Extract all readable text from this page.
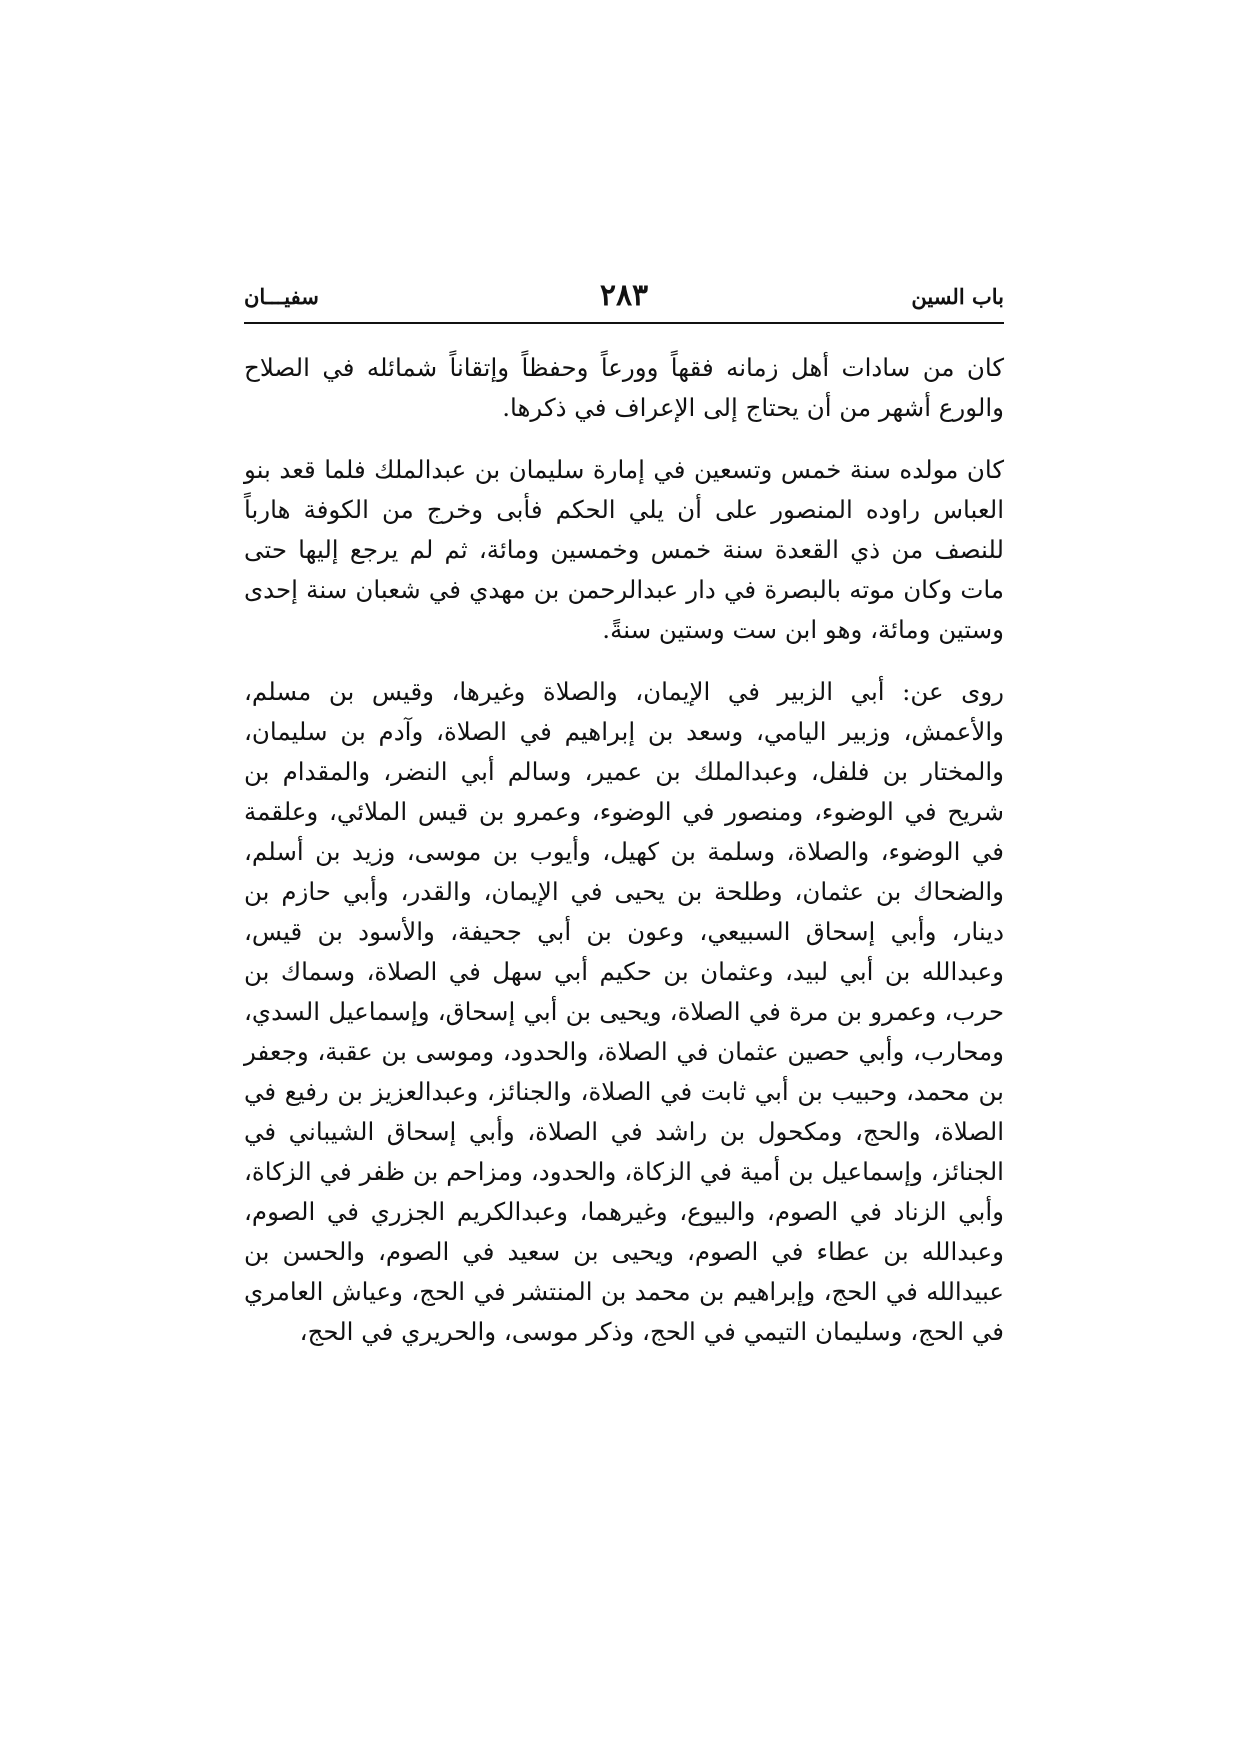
باب السين
٢٨٣
سفيـــان

كان من سادات أهل زمانه فقهاً وورعاً وحفظاً وإتقاناً شمائله في الصلاح والورع أشهر من أن يحتاج إلى الإعراف في ذكرها.

كان مولده سنة خمس وتسعين في إمارة سليمان بن عبدالملك فلما قعد بنو العباس راوده المنصور على أن يلي الحكم فأبى وخرج من الكوفة هارباً للنصف من ذي القعدة سنة خمس وخمسين ومائة، ثم لم يرجع إليها حتى مات وكان موته بالبصرة في دار عبدالرحمن بن مهدي في شعبان سنة إحدى وستين ومائة، وهو ابن ست وستين سنةً.

روى عن: أبي الزبير في الإيمان، والصلاة وغيرها، وقيس بن مسلم، والأعمش، وزبير اليامي، وسعد بن إبراهيم في الصلاة، وآدم بن سليمان، والمختار بن فلفل، وعبدالملك بن عمير، وسالم أبي النضر، والمقدام بن شريح في الوضوء، ومنصور في الوضوء، وعمرو بن قيس الملائي، وعلقمة في الوضوء، والصلاة، وسلمة بن كهيل، وأيوب بن موسى، وزيد بن أسلم، والضحاك بن عثمان، وطلحة بن يحيى في الإيمان، والقدر، وأبي حازم بن دينار، وأبي إسحاق السبيعي، وعون بن أبي جحيفة، والأسود بن قيس، وعبدالله بن أبي لبيد، وعثمان بن حكيم أبي سهل في الصلاة، وسماك بن حرب، وعمرو بن مرة في الصلاة، ويحيى بن أبي إسحاق، وإسماعيل السدي، ومحارب، وأبي حصين عثمان في الصلاة، والحدود، وموسى بن عقبة، وجعفر بن محمد، وحبيب بن أبي ثابت في الصلاة، والجنائز، وعبدالعزيز بن رفيع في الصلاة، والحج، ومكحول بن راشد في الصلاة، وأبي إسحاق الشيباني في الجنائز، وإسماعيل بن أمية في الزكاة، والحدود، ومزاحم بن ظفر في الزكاة، وأبي الزناد في الصوم، والبيوع، وغيرهما، وعبدالكريم الجزري في الصوم، وعبدالله بن عطاء في الصوم، ويحيى بن سعيد في الصوم، والحسن بن عبيدالله في الحج، وإبراهيم بن محمد بن المنتشر في الحج، وعياش العامري في الحج، وسليمان التيمي في الحج، وذكر موسى، والحريري في الحج،
